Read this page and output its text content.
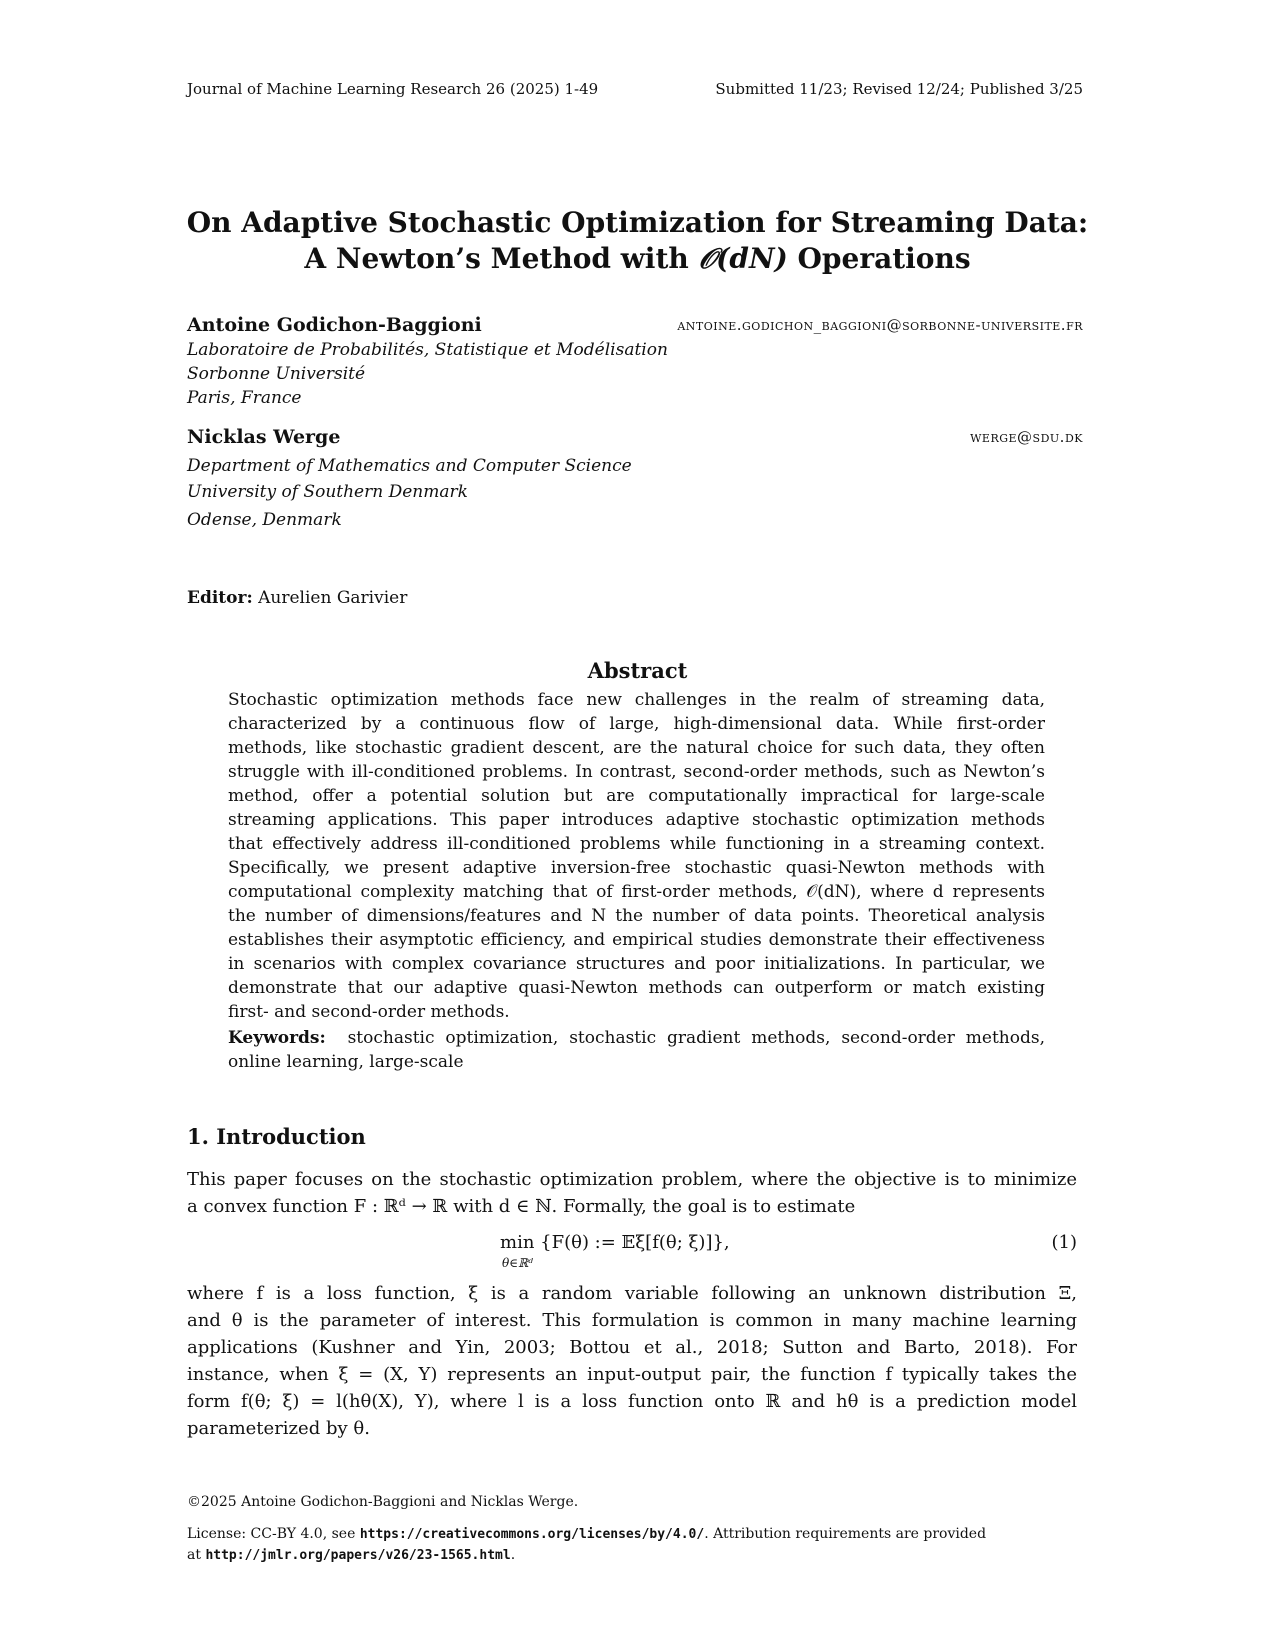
Journal of Machine Learning Research 26 (2025) 1-49	Submitted 11/23; Revised 12/24; Published 3/25
On Adaptive Stochastic Optimization for Streaming Data:
A Newton’s Method with 𝒪(dN) Operations
Antoine Godichon-Baggioni	antoine.godichon_baggioni@sorbonne-universite.fr
Laboratoire de Probabilités, Statistique et Modélisation
Sorbonne Université
Paris, France
Nicklas Werge	werge@sdu.dk
Department of Mathematics and Computer Science
University of Southern Denmark
Odense, Denmark
Editor: Aurelien Garivier
Abstract
Stochastic optimization methods face new challenges in the realm of streaming data,
characterized by a continuous flow of large, high-dimensional data. While first-order
methods, like stochastic gradient descent, are the natural choice for such data, they often
struggle with ill-conditioned problems. In contrast, second-order methods, such as Newton’s
method, offer a potential solution but are computationally impractical for large-scale
streaming applications. This paper introduces adaptive stochastic optimization methods
that effectively address ill-conditioned problems while functioning in a streaming context.
Specifically, we present adaptive inversion-free stochastic quasi-Newton methods with
computational complexity matching that of first-order methods, 𝒪(dN), where d represents
the number of dimensions/features and N the number of data points. Theoretical analysis
establishes their asymptotic efficiency, and empirical studies demonstrate their effectiveness
in scenarios with complex covariance structures and poor initializations. In particular, we
demonstrate that our adaptive quasi-Newton methods can outperform or match existing
first- and second-order methods.
Keywords: stochastic optimization, stochastic gradient methods, second-order methods,
online learning, large-scale
1. Introduction
This paper focuses on the stochastic optimization problem, where the objective is to minimize
a convex function F : ℝᵈ → ℝ with d ∈ ℕ. Formally, the goal is to estimate
min {F(θ) := 𝔼ξ[f(θ; ξ)]},
θ∈ℝᵈ
(1)
where f is a loss function, ξ is a random variable following an unknown distribution Ξ,
and θ is the parameter of interest. This formulation is common in many machine learning
applications (Kushner and Yin, 2003; Bottou et al., 2018; Sutton and Barto, 2018). For
instance, when ξ = (X, Y) represents an input-output pair, the function f typically takes the
form f(θ; ξ) = l(hθ(X), Y), where l is a loss function onto ℝ and hθ is a prediction model
parameterized by θ.
©2025 Antoine Godichon-Baggioni and Nicklas Werge.
License: CC-BY 4.0, see https://creativecommons.org/licenses/by/4.0/. Attribution requirements are provided
at http://jmlr.org/papers/v26/23-1565.html.
